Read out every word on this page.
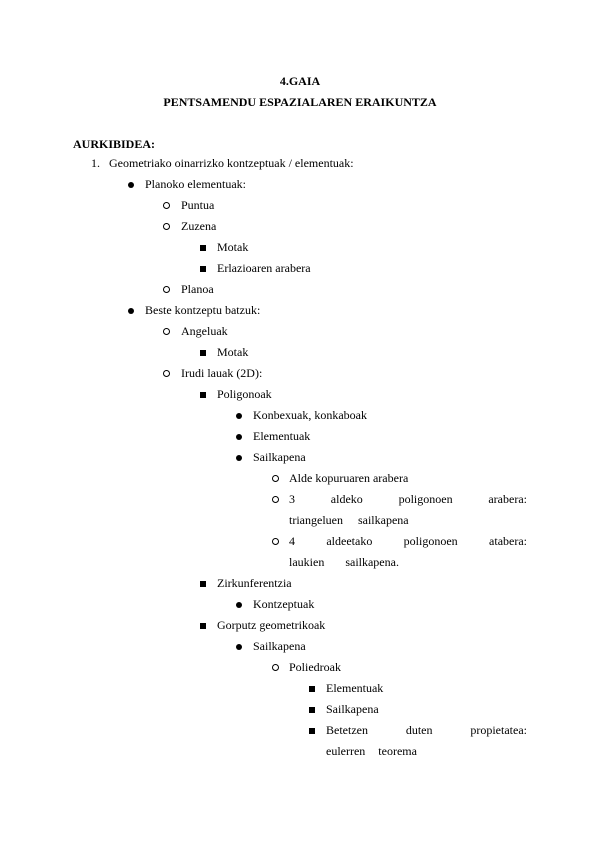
4.GAIA
PENTSAMENDU ESPAZIALAREN ERAIKUNTZA
AURKIBIDEA:
1. Geometriako oinarrizko kontzeptuak / elementuak:
Planoko elementuak:
Puntua
Zuzena
Motak
Erlazioaren arabera
Planoa
Beste kontzeptu batzuk:
Angeluak
Motak
Irudi lauak (2D):
Poligonoak
Konbexuak, konkaboak
Elementuak
Sailkapena
Alde kopuruaren arabera
3 aldeko poligonoen arabera: triangeluen sailkapena
4 aldeetako poligonoen atabera: laukien sailkapena.
Zirkunferentzia
Kontzeptuak
Gorputz geometrikoak
Sailkapena
Poliedroak
Elementuak
Sailkapena
Betetzen duten propietatea: eulerren teorema
